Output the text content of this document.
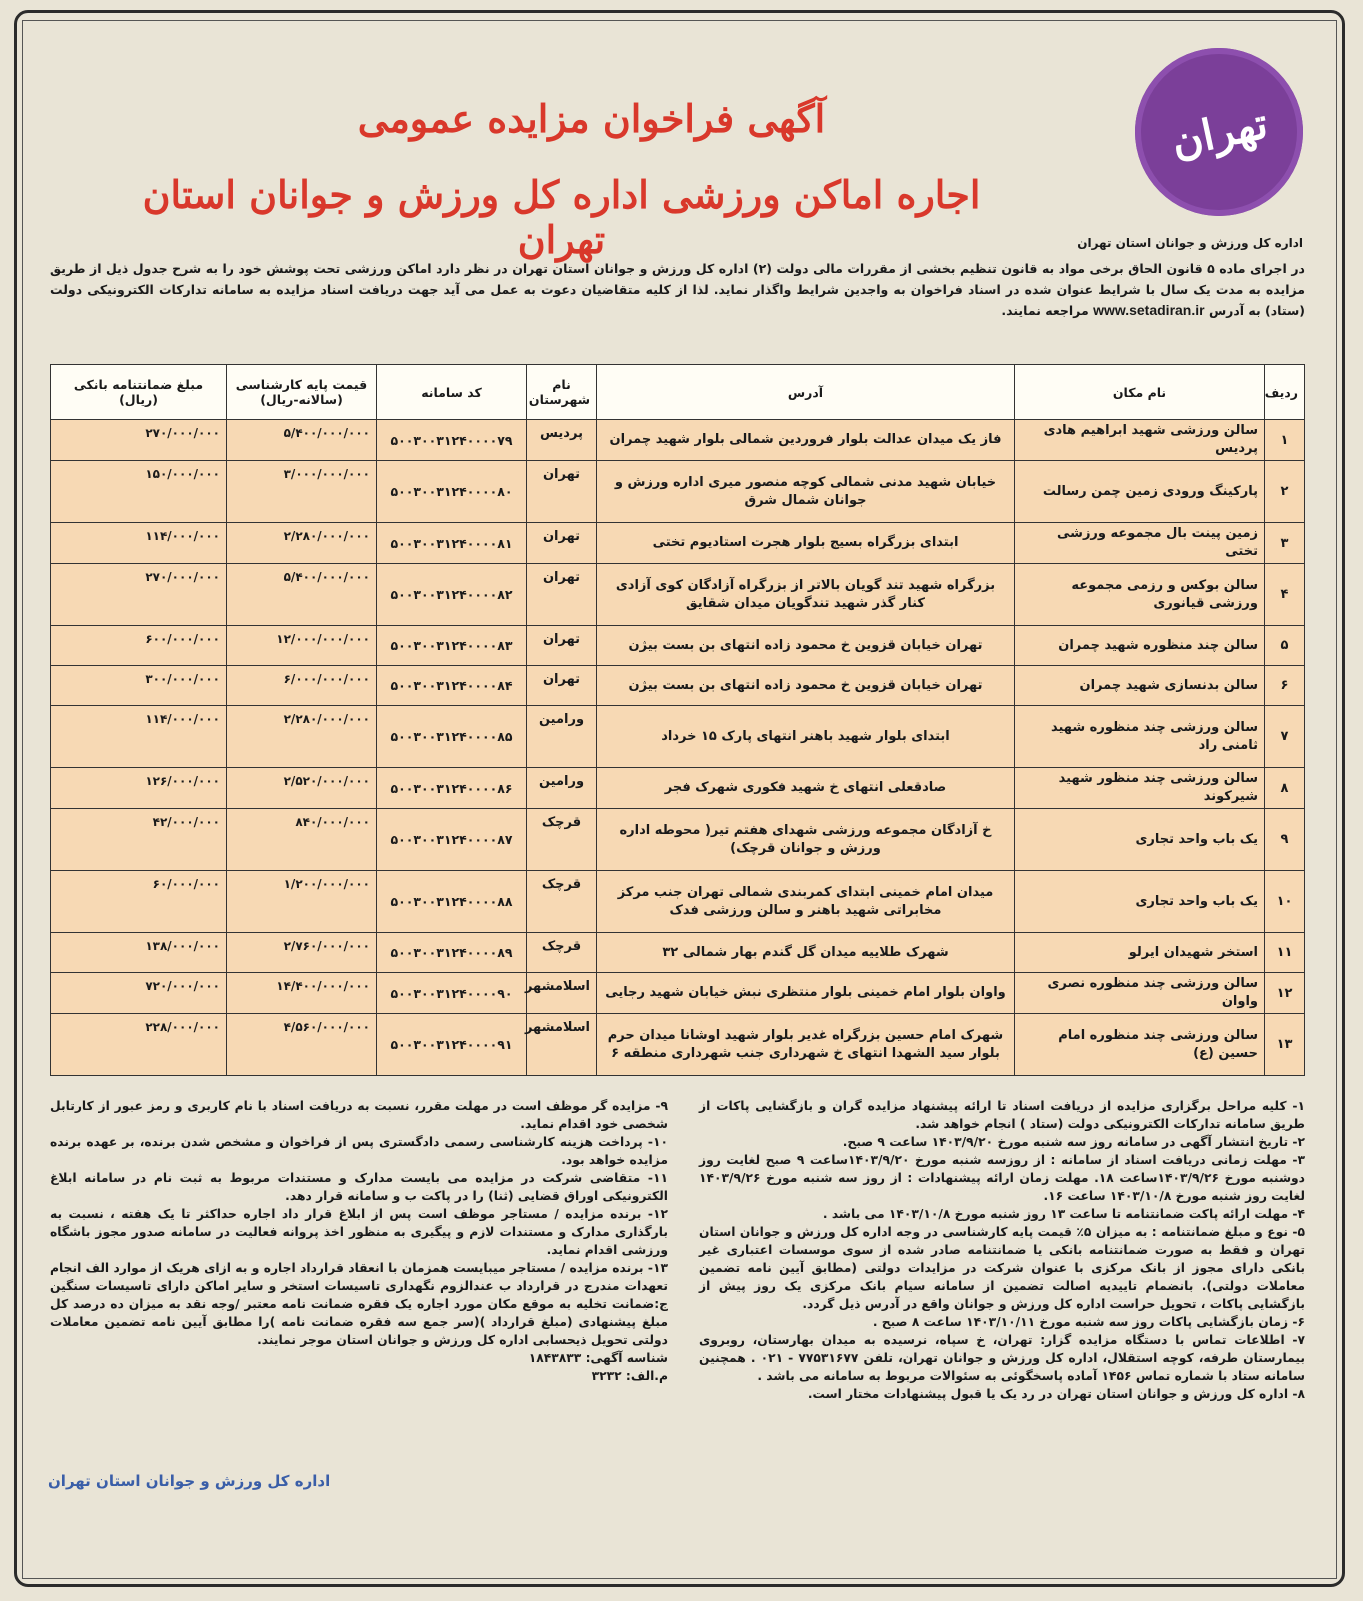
تهران
آگهی فراخوان مزایده عمومی
اجاره اماکن ورزشی اداره کل ورزش و جوانان استان تهران	اداره کل ورزش و جوانان استان تهران
در اجرای ماده ۵ قانون الحاق برخی مواد به قانون تنظیم بخشی از مقررات مالی دولت (۲) اداره کل ورزش و جوانان استان تهران در نظر دارد اماکن ورزشی تحت پوشش خود را به شرح جدول ذیل از طریق مزایده به مدت یک سال با شرایط عنوان شده در اسناد فراخوان به واجدین شرایط واگذار نماید. لذا از کلیه متقاضیان دعوت به عمل می آید جهت دریافت اسناد مزایده به سامانه تدارکات الکترونیکی دولت (ستاد) به آدرس www.setadiran.ir مراجعه نمایند.
ردیف	نام مکان	آدرس	نام شهرستان	کد سامانه	قیمت پایه کارشناسی (سالانه-ریال)	مبلغ ضمانتنامه بانکی (ریال)
۱	سالن ورزشی شهید ابراهیم هادی پردیس	فاز یک میدان عدالت بلوار فروردین شمالی بلوار شهید چمران	پردیس	۵۰۰۳۰۰۳۱۲۴۰۰۰۰۷۹	۵/۴۰۰/۰۰۰/۰۰۰	۲۷۰/۰۰۰/۰۰۰
۲	پارکینگ ورودی زمین چمن رسالت	خیابان شهید مدنی شمالی کوچه منصور میری اداره ورزش و جوانان شمال شرق	تهران	۵۰۰۳۰۰۳۱۲۴۰۰۰۰۸۰	۳/۰۰۰/۰۰۰/۰۰۰	۱۵۰/۰۰۰/۰۰۰
۳	زمین پینت بال مجموعه ورزشی تختی	ابتدای بزرگراه بسیج بلوار هجرت استادیوم تختی	تهران	۵۰۰۳۰۰۳۱۲۴۰۰۰۰۸۱	۲/۲۸۰/۰۰۰/۰۰۰	۱۱۴/۰۰۰/۰۰۰
۴	سالن بوکس و رزمی مجموعه ورزشی قیانوری	بزرگراه شهید تند گویان بالاتر از بزرگراه آزادگان کوی آزادی کنار گذر شهید تندگویان میدان شقایق	تهران	۵۰۰۳۰۰۳۱۲۴۰۰۰۰۸۲	۵/۴۰۰/۰۰۰/۰۰۰	۲۷۰/۰۰۰/۰۰۰
۵	سالن چند منظوره شهید چمران	تهران خیابان قزوین خ محمود زاده انتهای بن بست بیژن	تهران	۵۰۰۳۰۰۳۱۲۴۰۰۰۰۸۳	۱۲/۰۰۰/۰۰۰/۰۰۰	۶۰۰/۰۰۰/۰۰۰
۶	سالن بدنسازی شهید چمران	تهران خیابان قزوین خ محمود زاده انتهای بن بست بیژن	تهران	۵۰۰۳۰۰۳۱۲۴۰۰۰۰۸۴	۶/۰۰۰/۰۰۰/۰۰۰	۳۰۰/۰۰۰/۰۰۰
۷	سالن ورزشی چند منظوره شهید ثامنی راد	ابتدای بلوار شهید باهنر انتهای پارک ۱۵ خرداد	ورامین	۵۰۰۳۰۰۳۱۲۴۰۰۰۰۸۵	۲/۲۸۰/۰۰۰/۰۰۰	۱۱۴/۰۰۰/۰۰۰
۸	سالن ورزشی چند منظور شهید شیرکوند	صادقعلی انتهای خ شهید فکوری شهرک فجر	ورامین	۵۰۰۳۰۰۳۱۲۴۰۰۰۰۸۶	۲/۵۲۰/۰۰۰/۰۰۰	۱۲۶/۰۰۰/۰۰۰
۹	یک باب واحد تجاری	خ آزادگان مجموعه ورزشی شهدای هفتم تیر( محوطه اداره ورزش و جوانان قرچک)	قرچک	۵۰۰۳۰۰۳۱۲۴۰۰۰۰۸۷	۸۴۰/۰۰۰/۰۰۰	۴۲/۰۰۰/۰۰۰
۱۰	یک باب واحد تجاری	میدان امام خمینی ابتدای کمربندی شمالی تهران جنب مرکز مخابراتی شهید باهنر و سالن ورزشی فدک	قرچک	۵۰۰۳۰۰۳۱۲۴۰۰۰۰۸۸	۱/۲۰۰/۰۰۰/۰۰۰	۶۰/۰۰۰/۰۰۰
۱۱	استخر شهیدان ایرلو	شهرک طلاییه میدان گل گندم بهار شمالی ۳۲	قرچک	۵۰۰۳۰۰۳۱۲۴۰۰۰۰۸۹	۲/۷۶۰/۰۰۰/۰۰۰	۱۳۸/۰۰۰/۰۰۰
۱۲	سالن ورزشی چند منظوره نصری واوان	واوان بلوار امام خمینی بلوار منتظری نبش خیابان شهید رجایی	اسلامشهر	۵۰۰۳۰۰۳۱۲۴۰۰۰۰۹۰	۱۴/۴۰۰/۰۰۰/۰۰۰	۷۲۰/۰۰۰/۰۰۰
۱۳	سالن ورزشی چند منظوره امام حسین (ع)	شهرک امام حسین بزرگراه غدیر بلوار شهید اوشانا میدان حرم بلوار سید الشهدا انتهای خ شهرداری جنب شهرداری منطقه ۶	اسلامشهر	۵۰۰۳۰۰۳۱۲۴۰۰۰۰۹۱	۴/۵۶۰/۰۰۰/۰۰۰	۲۲۸/۰۰۰/۰۰۰

۱- کلیه مراحل برگزاری مزایده از دریافت اسناد تا ارائه پیشنهاد مزایده گران و بازگشایی پاکات از طریق سامانه تدارکات الکترونیکی دولت (ستاد ) انجام خواهد شد.

۲- تاریخ انتشار آگهی در سامانه روز سه شنبه مورخ ۱۴۰۳/۹/۲۰ ساعت ۹ صبح.

۳- مهلت زمانی دریافت اسناد از سامانه : از روزسه شنبه مورخ ۱۴۰۳/۹/۲۰ساعت ۹ صبح لغایت روز دوشنبه مورخ ۱۴۰۳/۹/۲۶ساعت ۱۸. مهلت زمان ارائه پیشنهادات : از روز سه شنبه مورخ ۱۴۰۳/۹/۲۶ لغایت روز شنبه مورخ ۱۴۰۳/۱۰/۸ ساعت ۱۶.

۴- مهلت ارائه پاکت ضمانتنامه تا ساعت ۱۳ روز شنبه مورخ ۱۴۰۳/۱۰/۸ می باشد .

۵- نوع و مبلغ ضمانتنامه : به میزان ۵٪ قیمت پایه کارشناسی در وجه اداره کل ورزش و جوانان استان تهران و فقط به صورت ضمانتنامه بانکی یا ضمانتنامه صادر شده از سوی موسسات اعتباری غیر بانکی دارای مجوز از بانک مرکزی با عنوان شرکت در مزایدات دولتی (مطابق آیین نامه تضمین معاملات دولتی). بانضمام تاییدیه اصالت تضمین از سامانه سیام بانک مرکزی یک روز پیش از بازگشایی پاکات ، تحویل حراست اداره کل ورزش و جوانان واقع در آدرس ذیل گردد.

۶- زمان بازگشایی پاکات روز سه شنبه مورخ ۱۴۰۳/۱۰/۱۱ ساعت ۸ صبح .

۷- اطلاعات تماس با دستگاه مزایده گزار: تهران، خ سپاه، نرسیده به میدان بهارستان، روبروی بیمارستان طرفه، کوچه استقلال، اداره کل ورزش و جوانان تهران، تلفن ۷۷۵۳۱۶۷۷ - ۰۲۱ . همچنین سامانه ستاد با شماره تماس ۱۴۵۶ آماده پاسخگوئی به سئوالات مربوط به سامانه می باشد .

۸- اداره کل ورزش و جوانان استان تهران در رد یک یا قبول پیشنهادات مختار است.

۹- مزایده گر موظف است در مهلت مقرر، نسبت به دریافت اسناد با نام کاربری و رمز عبور از کارتابل شخصی خود اقدام نماید.

۱۰- پرداخت هزینه کارشناسی رسمی دادگستری پس از فراخوان و مشخص شدن برنده، بر عهده برنده مزایده خواهد بود.

۱۱- متقاضی شرکت در مزایده می بایست مدارک و مستندات مربوط به ثبت نام در سامانه ابلاغ الکترونیکی اوراق قضایی (ثنا) را در پاکت ب و سامانه قرار دهد.

۱۲- برنده مزایده / مستاجر موظف است پس از ابلاغ قرار داد اجاره حداکثر تا یک هفته ، نسبت به بارگذاری مدارک و مستندات لازم و پیگیری به منظور اخذ پروانه فعالیت در سامانه صدور مجوز باشگاه ورزشی اقدام نماید.

۱۳- برنده مزایده / مستاجر میبایست همزمان با انعقاد قرارداد اجاره و به ازای هریک از موارد الف انجام تعهدات مندرج در قرارداد ب عندالزوم نگهداری تاسیسات استخر و سایر اماکن دارای تاسیسات سنگین ج:ضمانت تخلیه به موقع مکان مورد اجاره یک فقره ضمانت نامه معتبر /وجه نقد به میزان ده درصد کل مبلغ پیشنهادی (مبلغ قرارداد )(سر جمع سه فقره ضمانت نامه )را مطابق آیین نامه تضمین معاملات دولتی تحویل ذیحسابی اداره کل ورزش و جوانان استان موجر نمایند.

شناسه آگهی: ۱۸۴۳۸۳۳

م.الف: ۳۲۳۲

اداره کل ورزش و جوانان استان تهران
